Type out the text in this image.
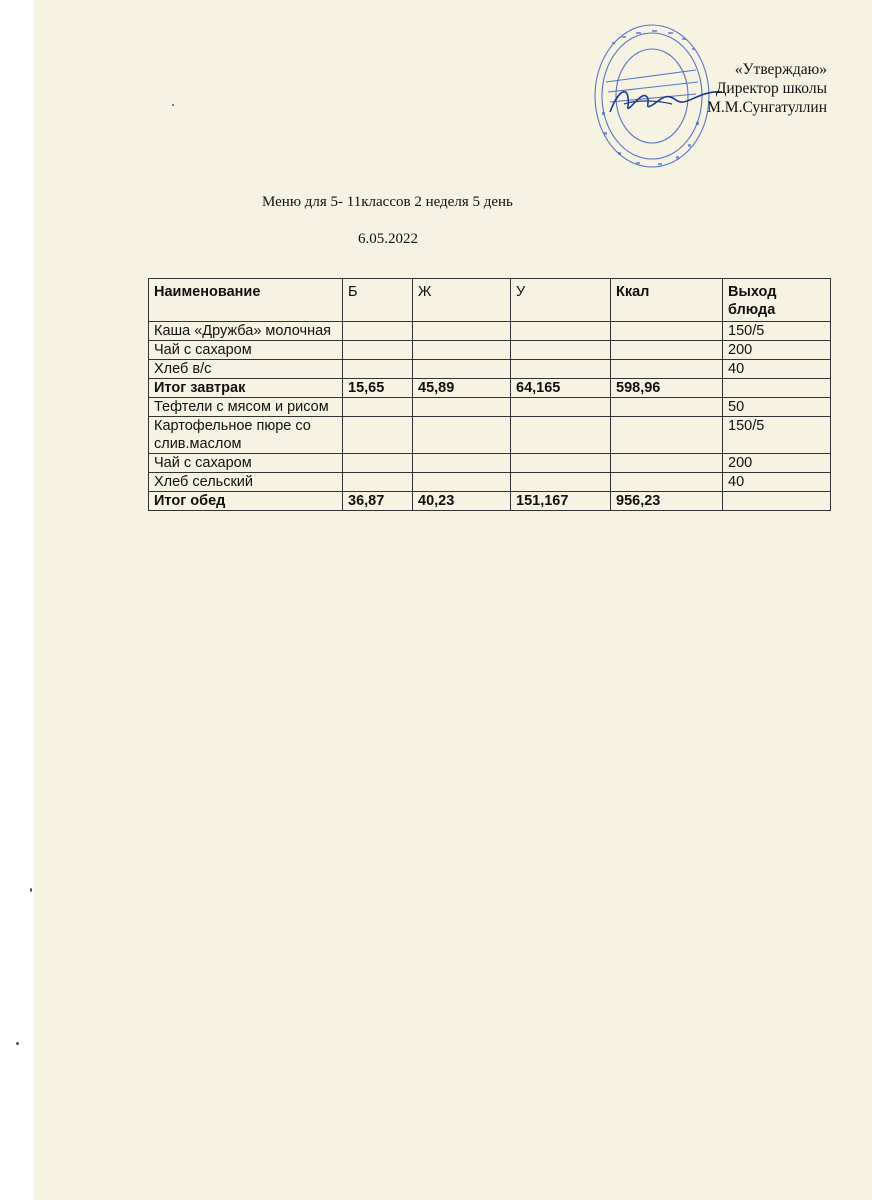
«Утверждаю»
Директор школы
М.М.Сунгатуллин
Меню для 5- 11классов 2 неделя 5 день
6.05.2022
Наименование	Б	Ж	У	Ккал	Выход блюда
Каша «Дружба» молочная					150/5
Чай с сахаром					200
Хлеб в/с					40
Итог завтрак	15,65	45,89	64,165	598,96	
Тефтели с мясом и рисом					50
Картофельное пюре со слив.маслом					150/5
Чай с сахаром					200
Хлеб сельский					40
Итог обед	36,87	40,23	151,167	956,23	
